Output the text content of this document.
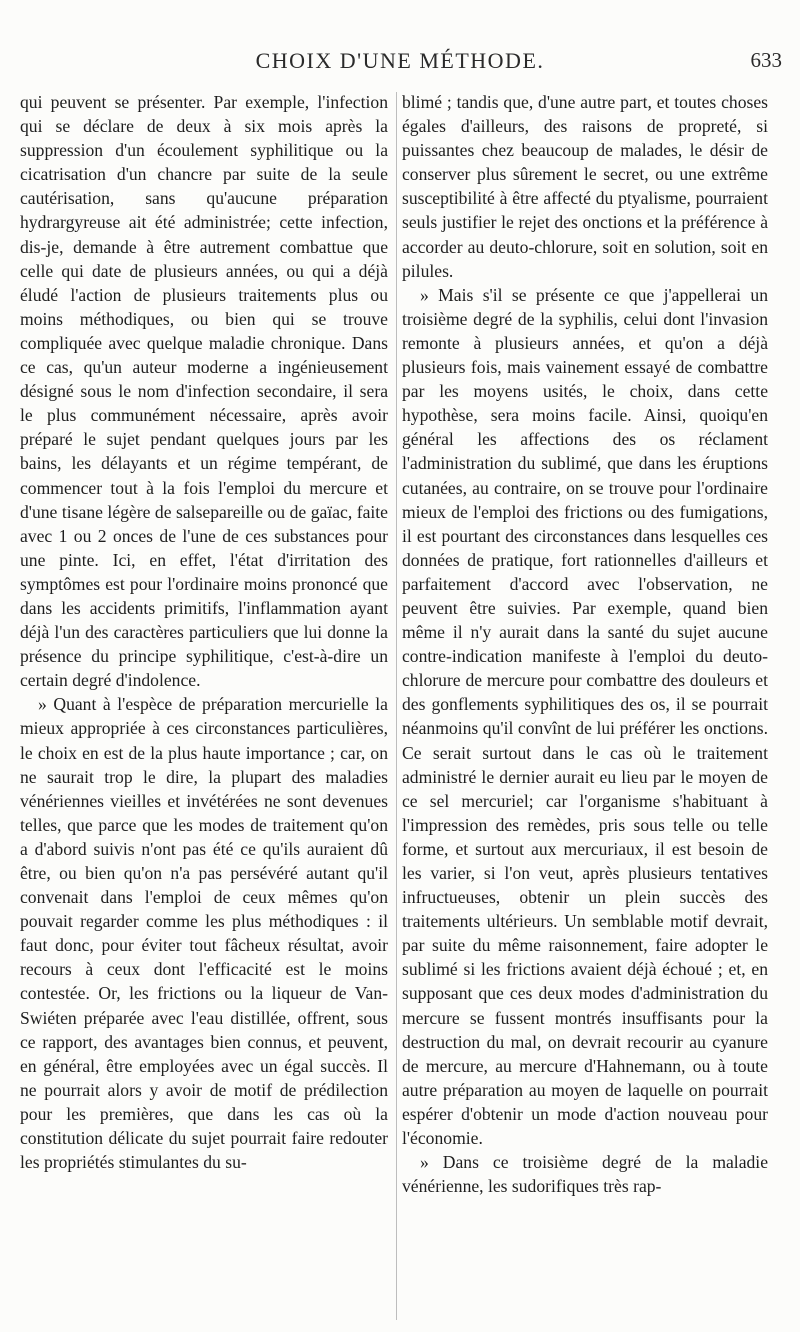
CHOIX D'UNE MÉTHODE.	633

qui peuvent se présenter. Par exemple, l'infection qui se déclare de deux à six mois après la suppression d'un écoulement syphilitique ou la cicatrisation d'un chancre par suite de la seule cautérisation, sans qu'aucune préparation hydrargyreuse ait été administrée; cette infection, dis-je, demande à être autrement combattue que celle qui date de plusieurs années, ou qui a déjà éludé l'action de plusieurs traitements plus ou moins méthodiques, ou bien qui se trouve compliquée avec quelque maladie chronique. Dans ce cas, qu'un auteur moderne a ingénieusement désigné sous le nom d'infection secondaire, il sera le plus communément nécessaire, après avoir préparé le sujet pendant quelques jours par les bains, les délayants et un régime tempérant, de commencer tout à la fois l'emploi du mercure et d'une tisane légère de salsepareille ou de gaïac, faite avec 1 ou 2 onces de l'une de ces substances pour une pinte. Ici, en effet, l'état d'irritation des symptômes est pour l'ordinaire moins prononcé que dans les accidents primitifs, l'inflammation ayant déjà l'un des caractères particuliers que lui donne la présence du principe syphilitique, c'est-à-dire un certain degré d'indolence.

» Quant à l'espèce de préparation mercurielle la mieux appropriée à ces circonstances particulières, le choix en est de la plus haute importance ; car, on ne saurait trop le dire, la plupart des maladies vénériennes vieilles et invétérées ne sont devenues telles, que parce que les modes de traitement qu'on a d'abord suivis n'ont pas été ce qu'ils auraient dû être, ou bien qu'on n'a pas persévéré autant qu'il convenait dans l'emploi de ceux mêmes qu'on pouvait regarder comme les plus méthodiques : il faut donc, pour éviter tout fâcheux résultat, avoir recours à ceux dont l'efficacité est le moins contestée. Or, les frictions ou la liqueur de Van-Swiéten préparée avec l'eau distillée, offrent, sous ce rapport, des avantages bien connus, et peuvent, en général, être employées avec un égal succès. Il ne pourrait alors y avoir de motif de prédilection pour les premières, que dans les cas où la constitution délicate du sujet pourrait faire redouter les propriétés stimulantes du su-

blimé ; tandis que, d'une autre part, et toutes choses égales d'ailleurs, des raisons de propreté, si puissantes chez beaucoup de malades, le désir de conserver plus sûrement le secret, ou une extrême susceptibilité à être affecté du ptyalisme, pourraient seuls justifier le rejet des onctions et la préférence à accorder au deuto-chlorure, soit en solution, soit en pilules.

» Mais s'il se présente ce que j'appellerai un troisième degré de la syphilis, celui dont l'invasion remonte à plusieurs années, et qu'on a déjà plusieurs fois, mais vainement essayé de combattre par les moyens usités, le choix, dans cette hypothèse, sera moins facile. Ainsi, quoiqu'en général les affections des os réclament l'administration du sublimé, que dans les éruptions cutanées, au contraire, on se trouve pour l'ordinaire mieux de l'emploi des frictions ou des fumigations, il est pourtant des circonstances dans lesquelles ces données de pratique, fort rationnelles d'ailleurs et parfaitement d'accord avec l'observation, ne peuvent être suivies. Par exemple, quand bien même il n'y aurait dans la santé du sujet aucune contre-indication manifeste à l'emploi du deuto-chlorure de mercure pour combattre des douleurs et des gonflements syphilitiques des os, il se pourrait néanmoins qu'il convînt de lui préférer les onctions. Ce serait surtout dans le cas où le traitement administré le dernier aurait eu lieu par le moyen de ce sel mercuriel; car l'organisme s'habituant à l'impression des remèdes, pris sous telle ou telle forme, et surtout aux mercuriaux, il est besoin de les varier, si l'on veut, après plusieurs tentatives infructueuses, obtenir un plein succès des traitements ultérieurs. Un semblable motif devrait, par suite du même raisonnement, faire adopter le sublimé si les frictions avaient déjà échoué ; et, en supposant que ces deux modes d'administration du mercure se fussent montrés insuffisants pour la destruction du mal, on devrait recourir au cyanure de mercure, au mercure d'Hahnemann, ou à toute autre préparation au moyen de laquelle on pourrait espérer d'obtenir un mode d'action nouveau pour l'économie.

» Dans ce troisième degré de la maladie vénérienne, les sudorifiques très rap-
